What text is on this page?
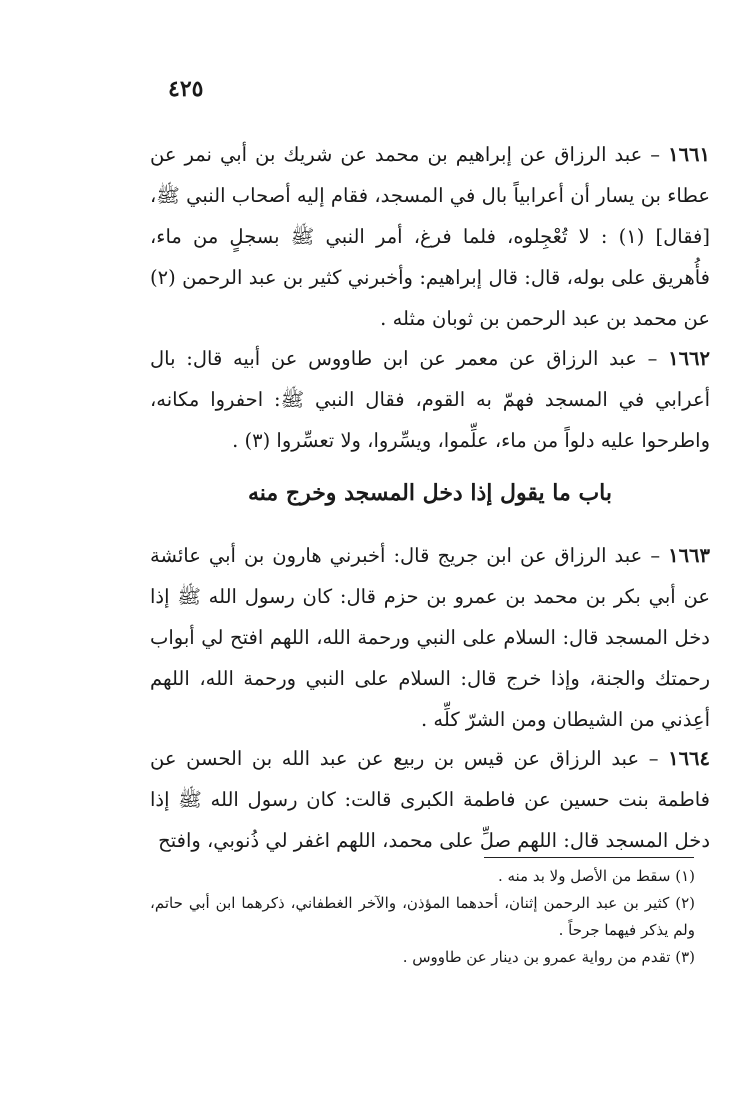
٤٢٥

١٦٦١ – عبد الرزاق عن إبراهيم بن محمد عن شريك بن أبي نمر عن عطاء بن يسار أن أعرابياً بال في المسجد، فقام إليه أصحاب النبي ﷺ، [فقال] (١) : لا تُعْجِلوه، فلما فرغ، أمر النبي ﷺ بسجلٍ من ماء، فأُهريق على بوله، قال: قال إبراهيم: وأخبرني كثير بن عبد الرحمن (٢) عن محمد بن عبد الرحمن بن ثوبان مثله .

١٦٦٢ – عبد الرزاق عن معمر عن ابن طاووس عن أبيه قال: بال أعرابي في المسجد فهمّ به القوم، فقال النبي ﷺ: احفروا مكانه، واطرحوا عليه دلواً من ماء، علِّموا، ويسِّروا، ولا تعسِّروا (٣) .

باب ما يقول إذا دخل المسجد وخرج منه

١٦٦٣ – عبد الرزاق عن ابن جريج قال: أخبرني هارون بن أبي عائشة عن أبي بكر بن محمد بن عمرو بن حزم قال: كان رسول الله ﷺ إذا دخل المسجد قال: السلام على النبي ورحمة الله، اللهم افتح لي أبواب رحمتك والجنة، وإذا خرج قال: السلام على النبي ورحمة الله، اللهم أعِذني من الشيطان ومن الشرّ كلِّه .

١٦٦٤ – عبد الرزاق عن قيس بن ربيع عن عبد الله بن الحسن عن فاطمة بنت حسين عن فاطمة الكبرى قالت: كان رسول الله ﷺ إذا دخل المسجد قال: اللهم صلِّ على محمد، اللهم اغفر لي ذُنوبي، وافتح

(١) سقط من الأصل ولا بد منه .

(٢) كثير بن عبد الرحمن إثنان، أحدهما المؤذن، والآخر الغطفاني، ذكرهما ابن أبي حاتم، ولم يذكر فيهما جرحاً .

(٣) تقدم من رواية عمرو بن دينار عن طاووس .
